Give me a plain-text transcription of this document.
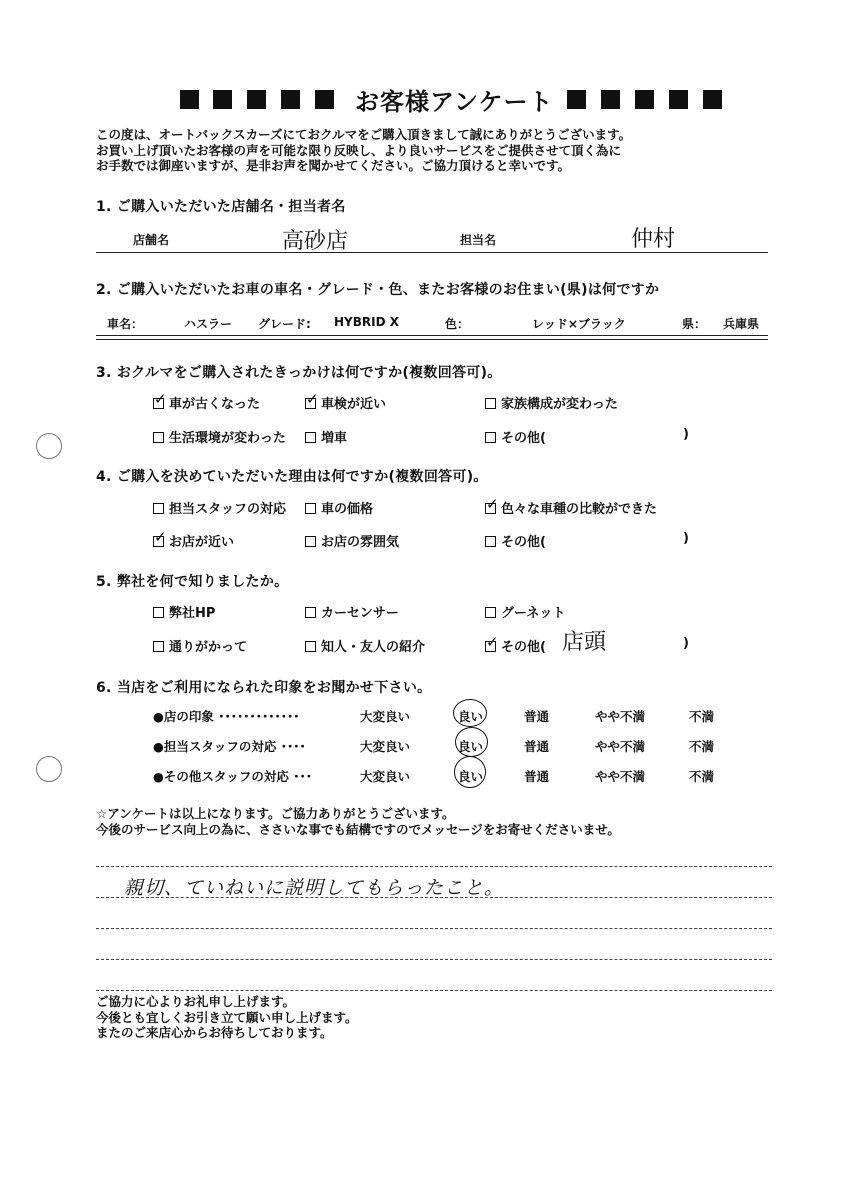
お客様アンケート
この度は、オートバックスカーズにておクルマをご購入頂きまして誠にありがとうございます。
お買い上げ頂いたお客様の声を可能な限り反映し、より良いサービスをご提供させて頂く為に
お手数では御座いますが、是非お声を聞かせてください。ご協力頂けると幸いです。
1. ご購入いただいた店舗名・担当者名
店舗名	高砂店	担当名	仲村
2. ご購入いただいたお車の車名・グレード・色、またお客様のお住まい(県)は何ですか
車名：	ハスラー グレード: HYBRID X	色：	レッド×ブラック	県： 兵庫県
3. おクルマをご購入されたきっかけは何ですか(複数回答可)。
✓車が古くなった ✓	車検が近い	家族構成が変わった
生活環境が変わった	増車	その他(	)
4. ご購入を決めていただいた理由は何ですか(複数回答可)。
担当スタッフの対応	車の価格 ✓	色々な車種の比較ができた
✓お店が近い	お店の雰囲気	その他(	)
5. 弊社を何で知りましたか。
弊社HP	カーセンサー	グーネット
通りがかって	知人・友人の紹介 ✓	その他( 店頭	)
6. 当店をご利用になられた印象をお聞かせ下さい。
●店の印象 ･････････････	大変良い	良い	普通	やや不満	不満
●担当スタッフの対応 ････	大変良い	良い	普通	やや不満	不満
●その他スタッフの対応 ･･･	大変良い	良い	普通	やや不満	不満
☆アンケートは以上になります。ご協力ありがとうございます。
今後のサービス向上の為に、ささいな事でも結構ですのでメッセージをお寄せくださいませ。
親切、ていねいに説明してもらったこと。
ご協力に心よりお礼申し上げます。
今後とも宜しくお引き立て願い申し上げます。
またのご来店心からお待ちしております。
